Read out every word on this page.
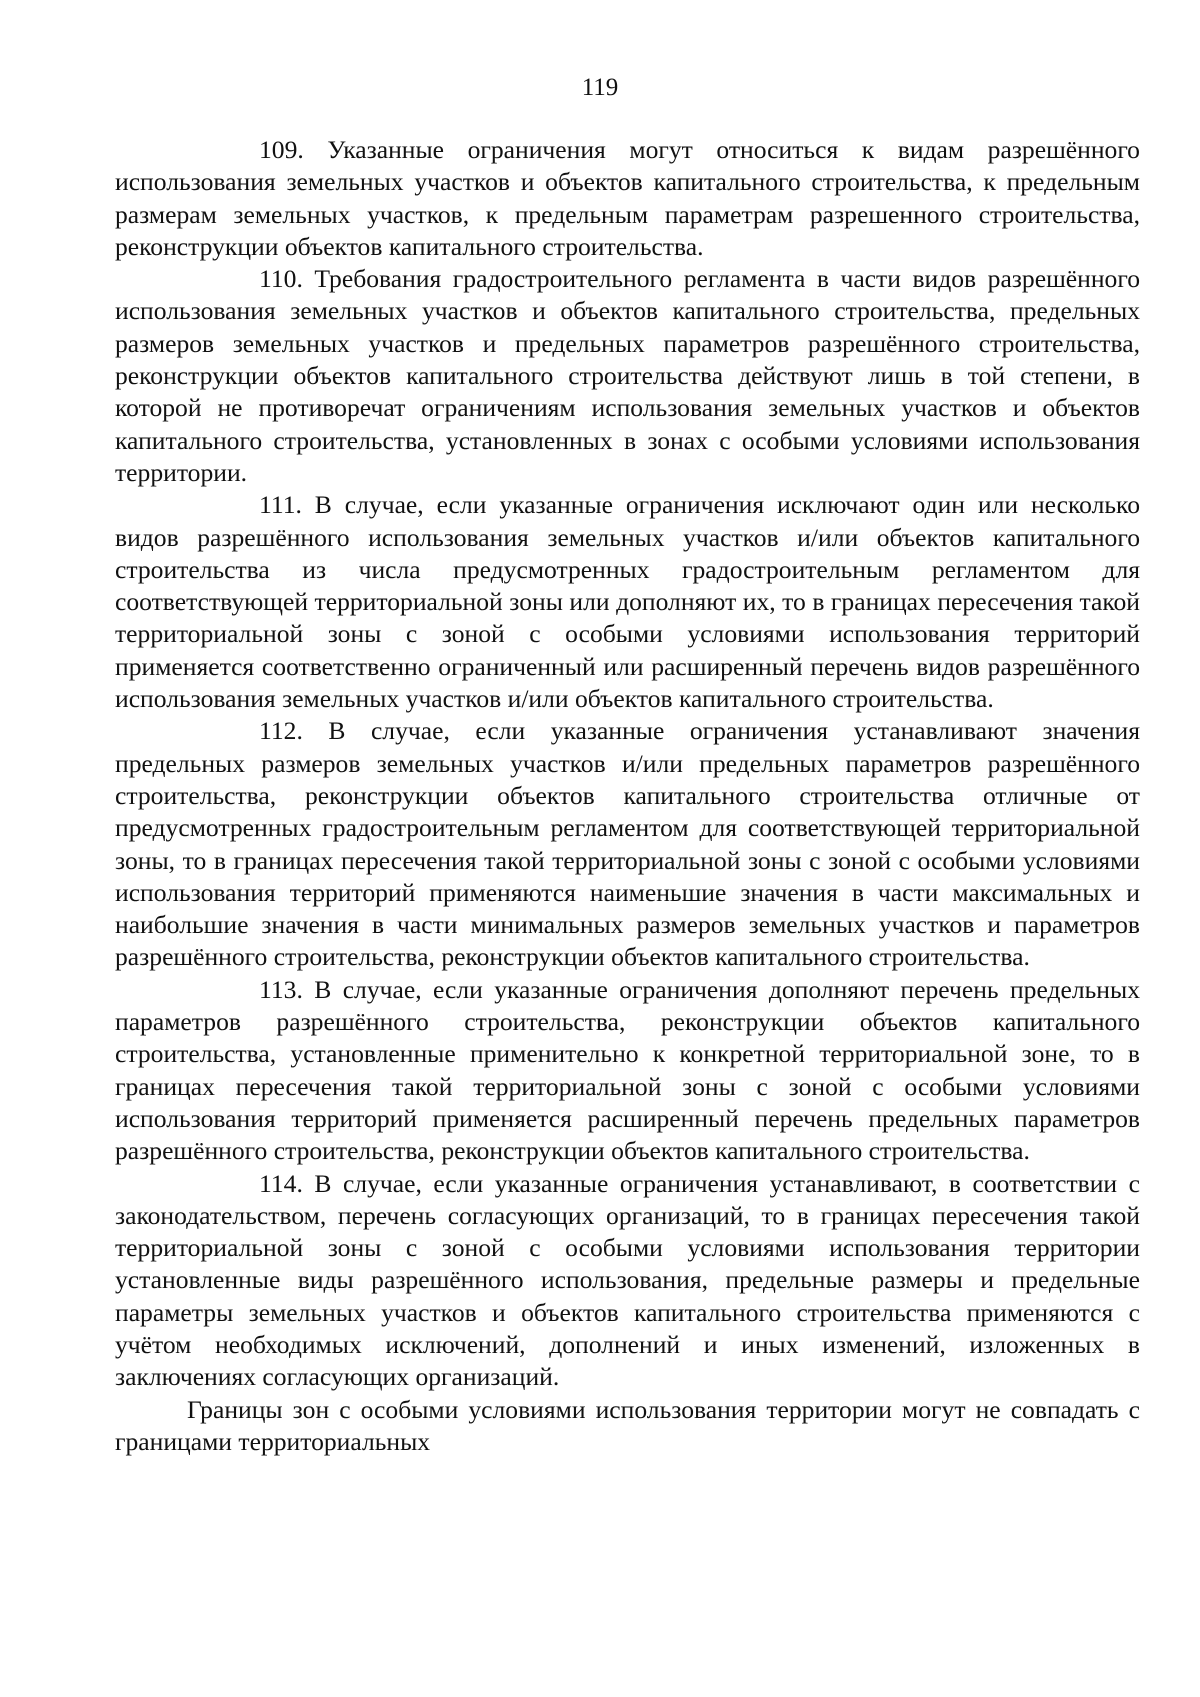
119

109. Указанные ограничения могут относиться к видам разрешённого использования земельных участков и объектов капитального строительства, к предельным размерам земельных участков, к предельным параметрам разрешенного строительства, реконструкции объектов капитального строительства.

110. Требования градостроительного регламента в части видов разрешённого использования земельных участков и объектов капитального строительства, предельных размеров земельных участков и предельных параметров разрешённого строительства, реконструкции объектов капитального строительства действуют лишь в той степени, в которой не противоречат ограничениям использования земельных участков и объектов капитального строительства, установленных в зонах с особыми условиями использования территории.

111. В случае, если указанные ограничения исключают один или несколько видов разрешённого использования земельных участков и/или объектов капитального строительства из числа предусмотренных градостроительным регламентом для соответствующей территориальной зоны или дополняют их, то в границах пересечения такой территориальной зоны с зоной с особыми условиями использования территорий применяется соответственно ограниченный или расширенный перечень видов разрешённого использования земельных участков и/или объектов капитального строительства.

112. В случае, если указанные ограничения устанавливают значения предельных размеров земельных участков и/или предельных параметров разрешённого строительства, реконструкции объектов капитального строительства отличные от предусмотренных градостроительным регламентом для соответствующей территориальной зоны, то в границах пересечения такой территориальной зоны с зоной с особыми условиями использования территорий применяются наименьшие значения в части максимальных и наибольшие значения в части минимальных размеров земельных участков и параметров разрешённого строительства, реконструкции объектов капитального строительства.

113. В случае, если указанные ограничения дополняют перечень предельных параметров разрешённого строительства, реконструкции объектов капитального строительства, установленные применительно к конкретной территориальной зоне, то в границах пересечения такой территориальной зоны с зоной с особыми условиями использования территорий применяется расширенный перечень предельных параметров разрешённого строительства, реконструкции объектов капитального строительства.

114. В случае, если указанные ограничения устанавливают, в соответствии с законодательством, перечень согласующих организаций, то в границах пересечения такой территориальной зоны с зоной с особыми условиями использования территории установленные виды разрешённого использования, предельные размеры и предельные параметры земельных участков и объектов капитального строительства применяются с учётом необходимых исключений, дополнений и иных изменений, изложенных в заключениях согласующих организаций.

Границы зон с особыми условиями использования территории могут не совпадать с границами территориальных
